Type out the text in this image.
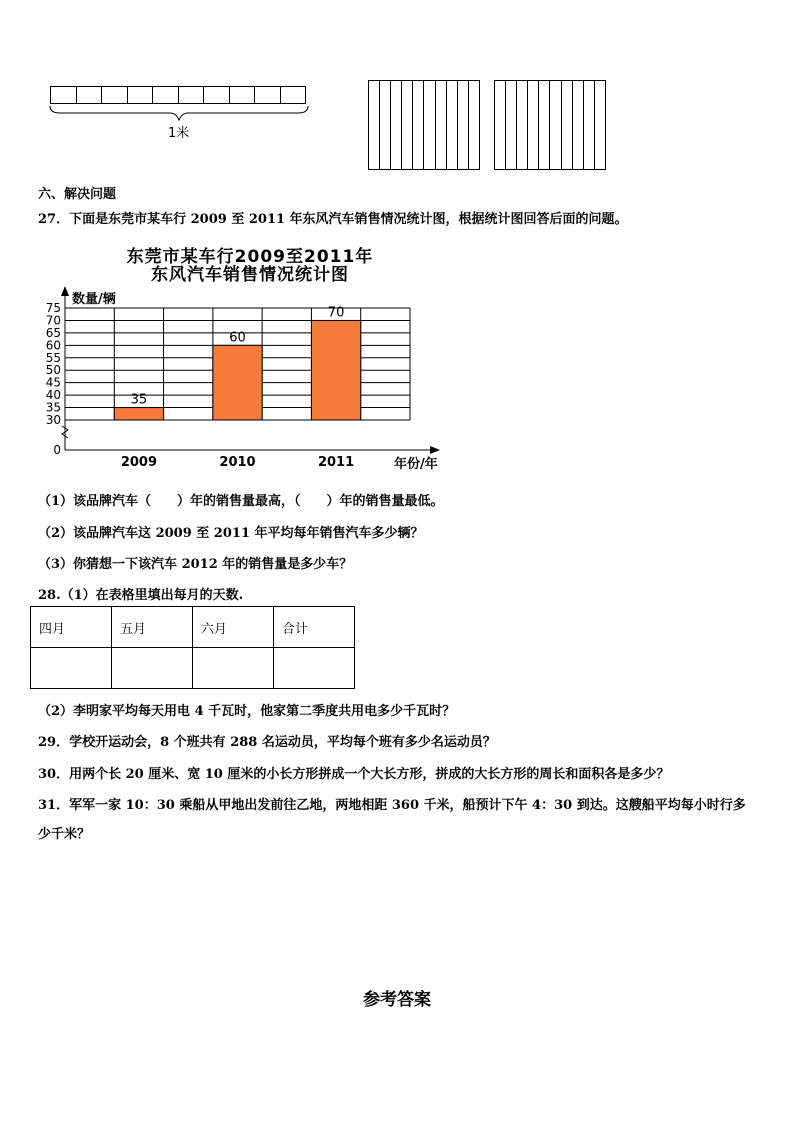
1米
六、解决问题
27．下面是东莞市某车行 2009 至 2011 年东风汽车销售情况统计图，根据统计图回答后面的问题。
东莞市某车行2009至2011年
东风汽车销售情况统计图
数量/辆
年份/年
35
2009
60
2010
70
2011
0
30
35
40
45
50
55
60
65
70
75
（1）该品牌汽车（　　）年的销售量最高，（　　）年的销售量最低。
（2）该品牌汽车这 2009 至 2011 年平均每年销售汽车多少辆？
（3）你猜想一下该汽车 2012 年的销售量是多少车？
28.（1）在表格里填出每月的天数.
四月	五月	六月	合计

（2）李明家平均每天用电 4 千瓦时，他家第二季度共用电多少千瓦时？
29．学校开运动会，8 个班共有 288 名运动员，平均每个班有多少名运动员？
30．用两个长 20 厘米、宽 10 厘米的小长方形拼成一个大长方形，拼成的大长方形的周长和面积各是多少？
31．军军一家 10：30 乘船从甲地出发前往乙地，两地相距 360 千米，船预计下午 4：30 到达。这艘船平均每小时行多
少千米？
参考答案
